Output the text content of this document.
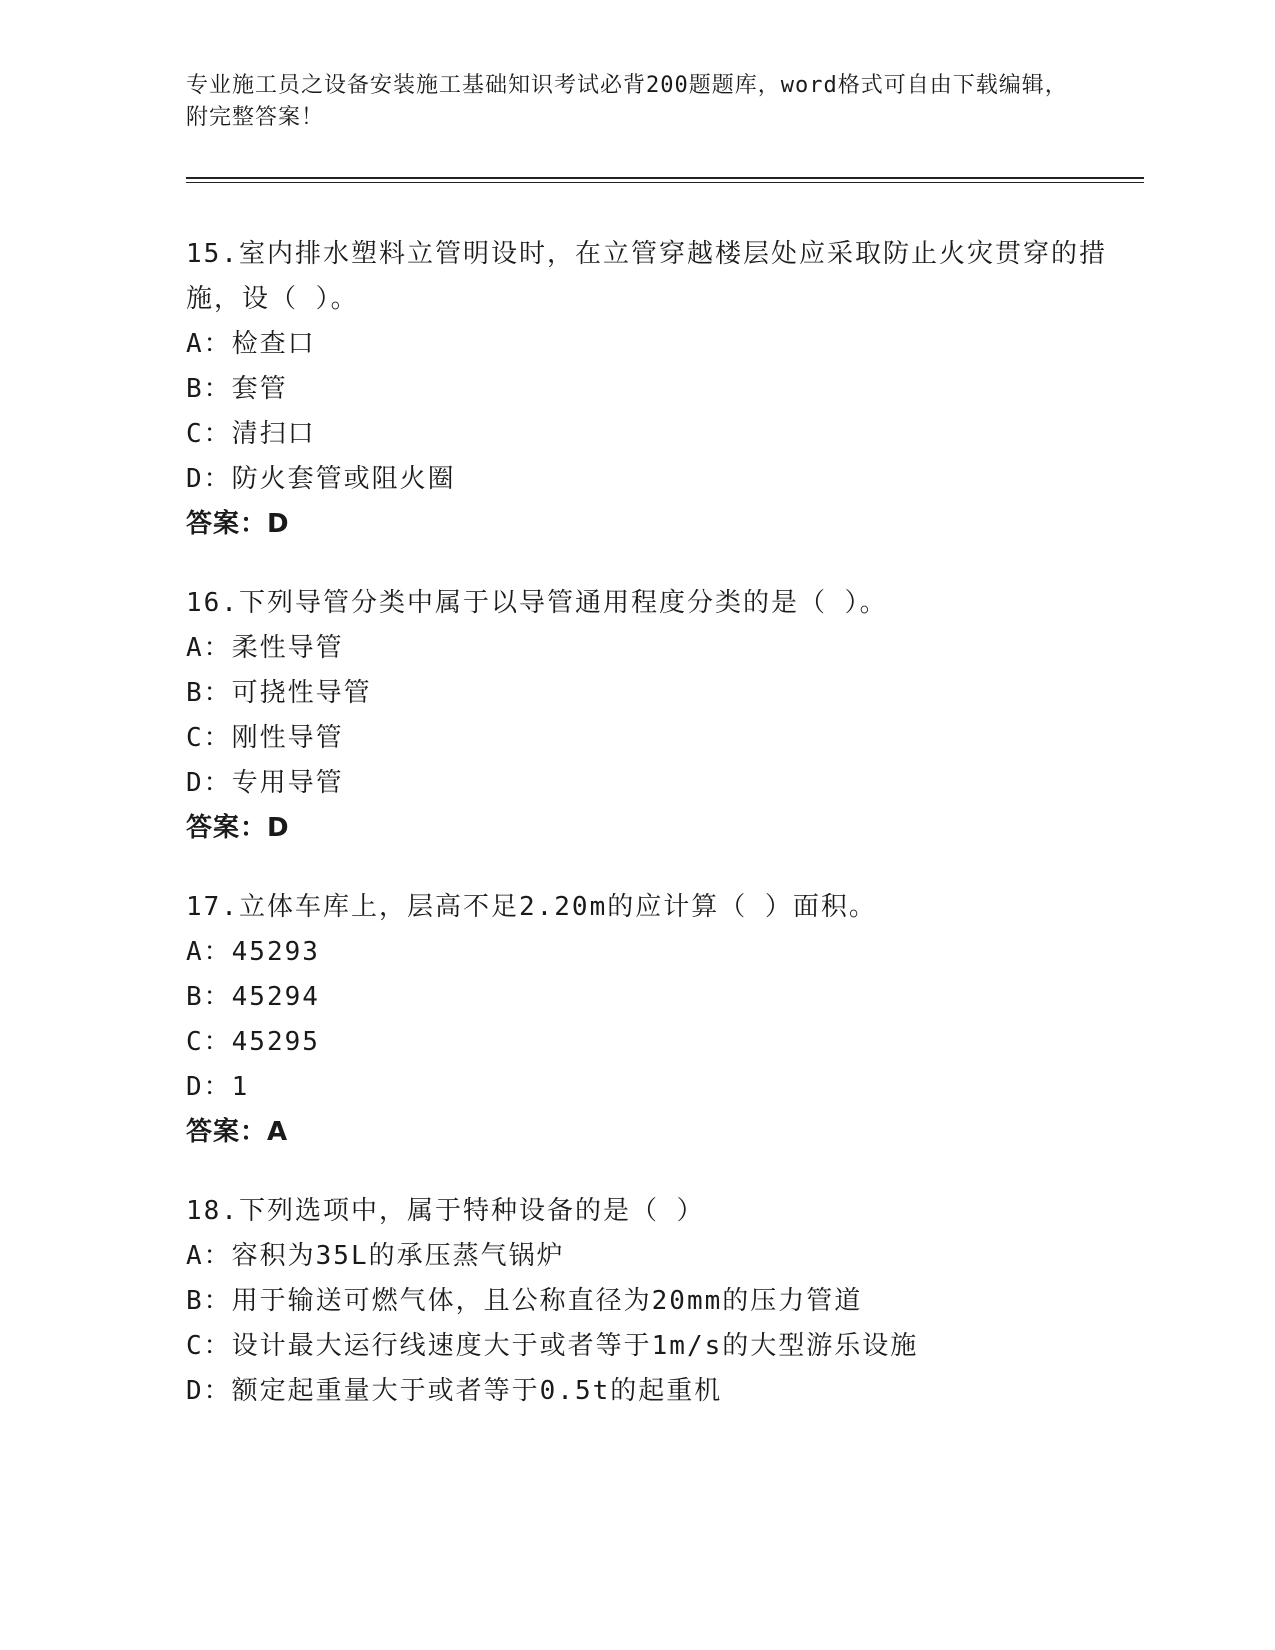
专业施工员之设备安装施工基础知识考试必背200题题库，word格式可自由下载编辑，附完整答案！
15.室内排水塑料立管明设时，在立管穿越楼层处应采取防止火灾贯穿的措施，设（ ）。
A：检查口
B：套管
C：清扫口
D：防火套管或阻火圈
答案：D
16.下列导管分类中属于以导管通用程度分类的是（ ）。
A：柔性导管
B：可挠性导管
C：刚性导管
D：专用导管
答案：D
17.立体车库上，层高不足2.20m的应计算（ ）面积。
A：45293
B：45294
C：45295
D：1
答案：A
18.下列选项中，属于特种设备的是（ ）
A：容积为35L的承压蒸气锅炉
B：用于输送可燃气体，且公称直径为20mm的压力管道
C：设计最大运行线速度大于或者等于1m/s的大型游乐设施
D：额定起重量大于或者等于0.5t的起重机
